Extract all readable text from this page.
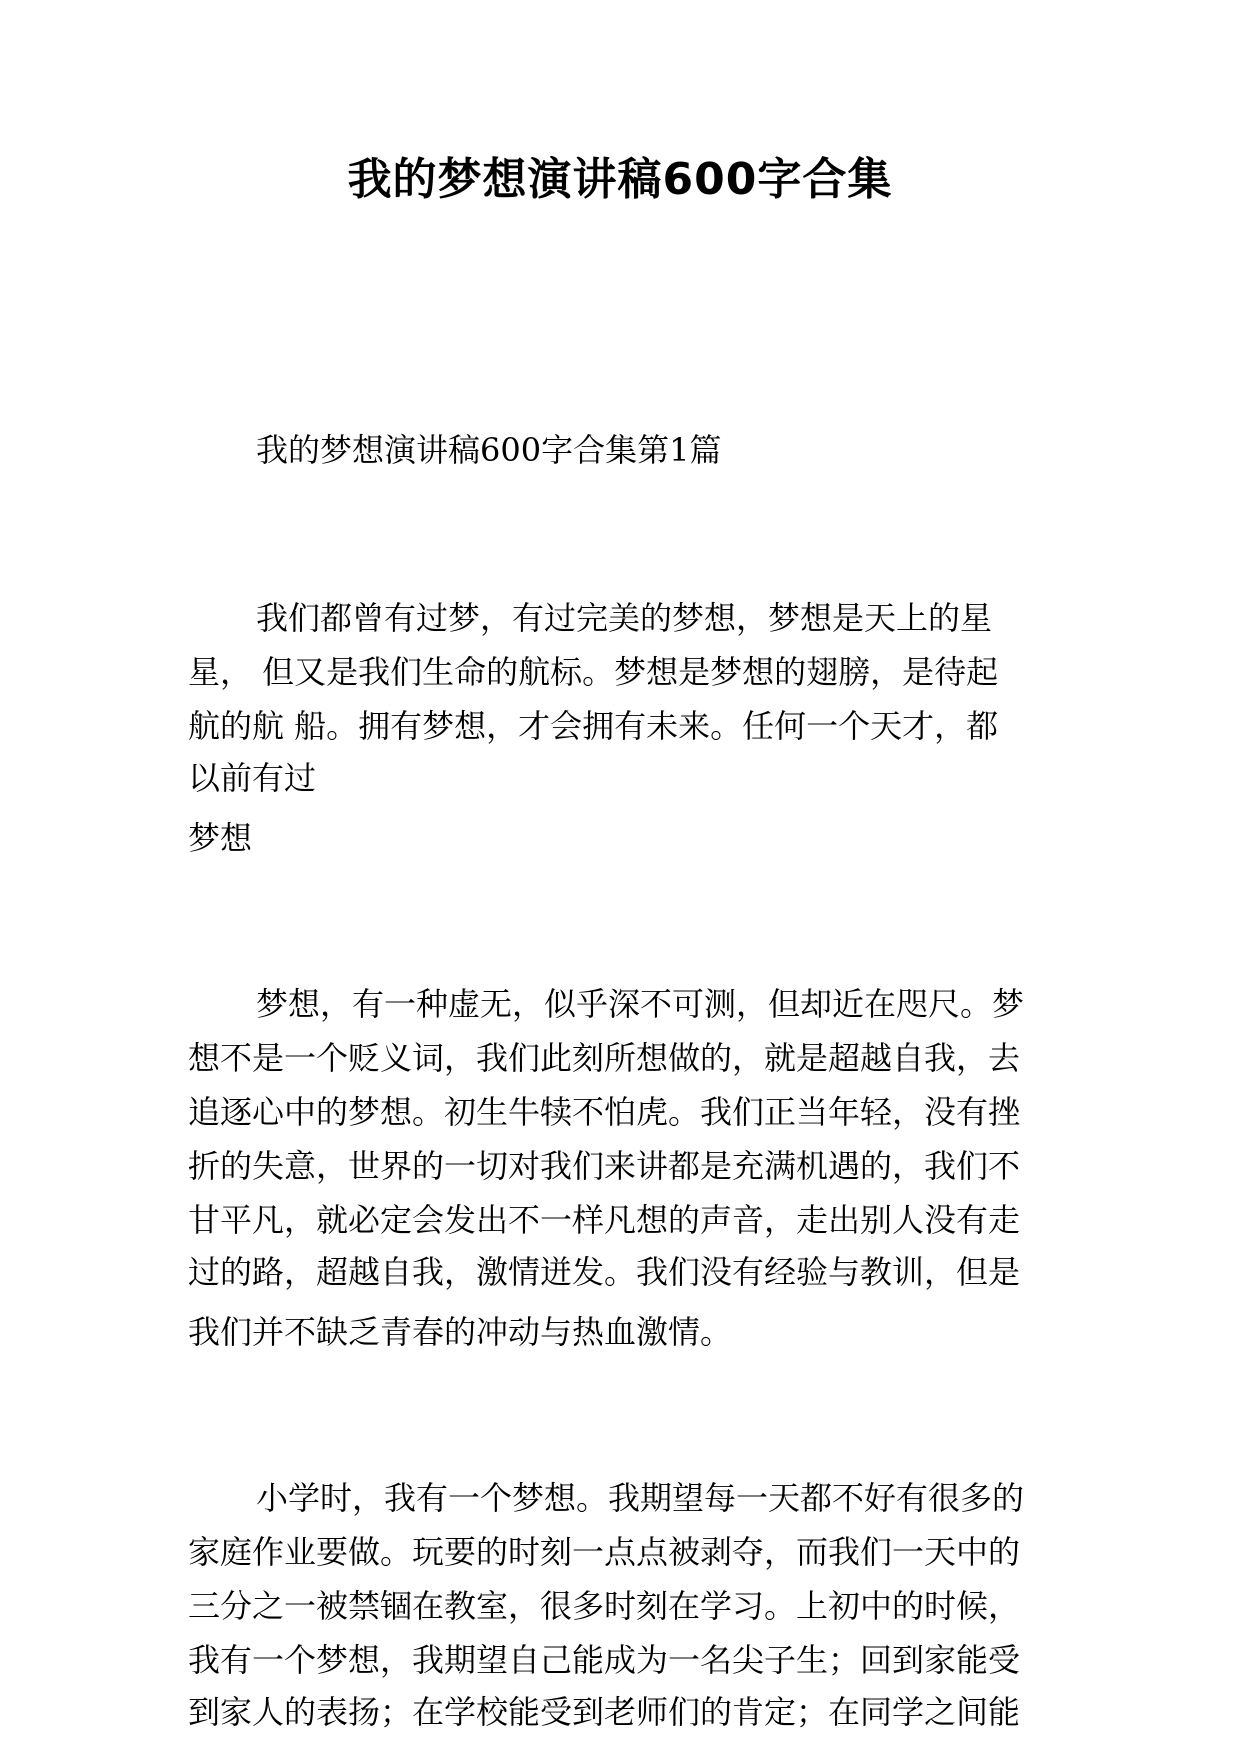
我的梦想演讲稿600字合集

我的梦想演讲稿600字合集第1篇

我们都曾有过梦，有过完美的梦想，梦想是天上的星

星， 但又是我们生命的航标。梦想是梦想的翅膀，是待起

航的航 船。拥有梦想，才会拥有未来。任何一个天才，都

以前有过

梦想

梦想，有一种虚无，似乎深不可测，但却近在咫尺。梦

想不是一个贬义词，我们此刻所想做的，就是超越自我，去

追逐心中的梦想。初生牛犊不怕虎。我们正当年轻，没有挫

折的失意，世界的一切对我们来讲都是充满机遇的，我们不

甘平凡，就必定会发出不一样凡想的声音，走出别人没有走

过的路，超越自我，激情迸发。我们没有经验与教训，但是

我们并不缺乏青春的冲动与热血激情。

小学时，我有一个梦想。我期望每一天都不好有很多的

家庭作业要做。玩要的时刻一点点被剥夺，而我们一天中的

三分之一被禁锢在教室，很多时刻在学习。上初中的时候，

我有一个梦想，我期望自己能成为一名尖子生；回到家能受

到家人的表扬；在学校能受到老师们的肯定；在同学之间能
